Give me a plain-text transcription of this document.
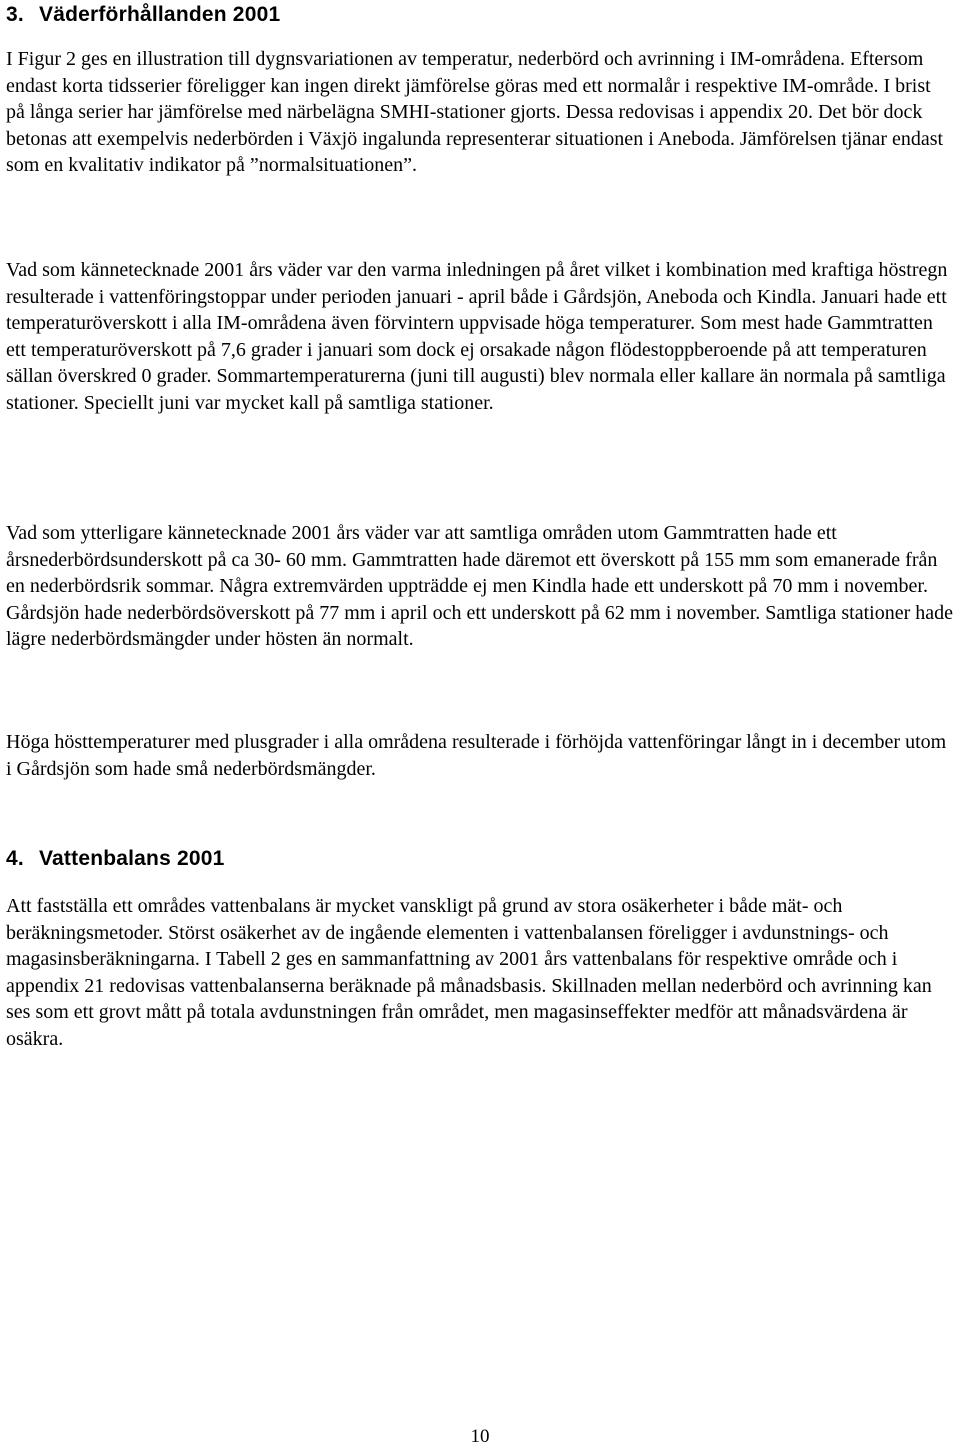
3. Väderförhållanden 2001

I Figur 2 ges en illustration till dygnsvariationen av temperatur, nederbörd och avrinning i IM-områdena. Eftersom endast korta tidsserier föreligger kan ingen direkt jämförelse göras med ett normalår i respektive IM-område. I brist på långa serier har jämförelse med närbelägna SMHI-stationer gjorts. Dessa redovisas i appendix 20. Det bör dock betonas att exempelvis nederbörden i Växjö ingalunda representerar situationen i Aneboda. Jämförelsen tjänar endast som en kvalitativ indikator på ”normalsituationen”.

Vad som kännetecknade 2001 års väder var den varma inledningen på året vilket i kombination med kraftiga höstregn resulterade i vattenföringstoppar under perioden januari - april både i Gårdsjön, Aneboda och Kindla. Januari hade ett temperaturöverskott i alla IM-områdena även förvintern uppvisade höga temperaturer. Som mest hade Gammtratten ett temperaturöverskott på 7,6 grader i januari som dock ej orsakade någon flödestoppberoende på att temperaturen sällan överskred 0 grader. Sommartemperaturerna (juni till augusti) blev normala eller kallare än normala på samtliga stationer. Speciellt juni var mycket kall på samtliga stationer.

Vad som ytterligare kännetecknade 2001 års väder var att samtliga områden utom Gammtratten hade ett årsnederbördsunderskott på ca 30- 60 mm. Gammtratten hade däremot ett överskott på 155 mm som emanerade från en nederbördsrik sommar. Några extremvärden uppträdde ej men Kindla hade ett underskott på 70 mm i november. Gårdsjön hade nederbördsöverskott på 77 mm i april och ett underskott på 62 mm i november. Samtliga stationer hade lägre nederbördsmängder under hösten än normalt.

Höga hösttemperaturer med plusgrader i alla områdena resulterade i förhöjda vattenföringar långt in i december utom i Gårdsjön som hade små nederbördsmängder.

4. Vattenbalans 2001

Att fastställa ett områdes vattenbalans är mycket vanskligt på grund av stora osäkerheter i både mät- och beräkningsmetoder. Störst osäkerhet av de ingående elementen i vattenbalansen föreligger i avdunstnings- och magasinsberäkningarna. I Tabell 2 ges en sammanfattning av 2001 års vattenbalans för respektive område och i appendix 21 redovisas vattenbalanserna beräknade på månadsbasis. Skillnaden mellan nederbörd och avrinning kan ses som ett grovt mått på totala avdunstningen från området, men magasinseffekter medför att månadsvärdena är osäkra.

10
